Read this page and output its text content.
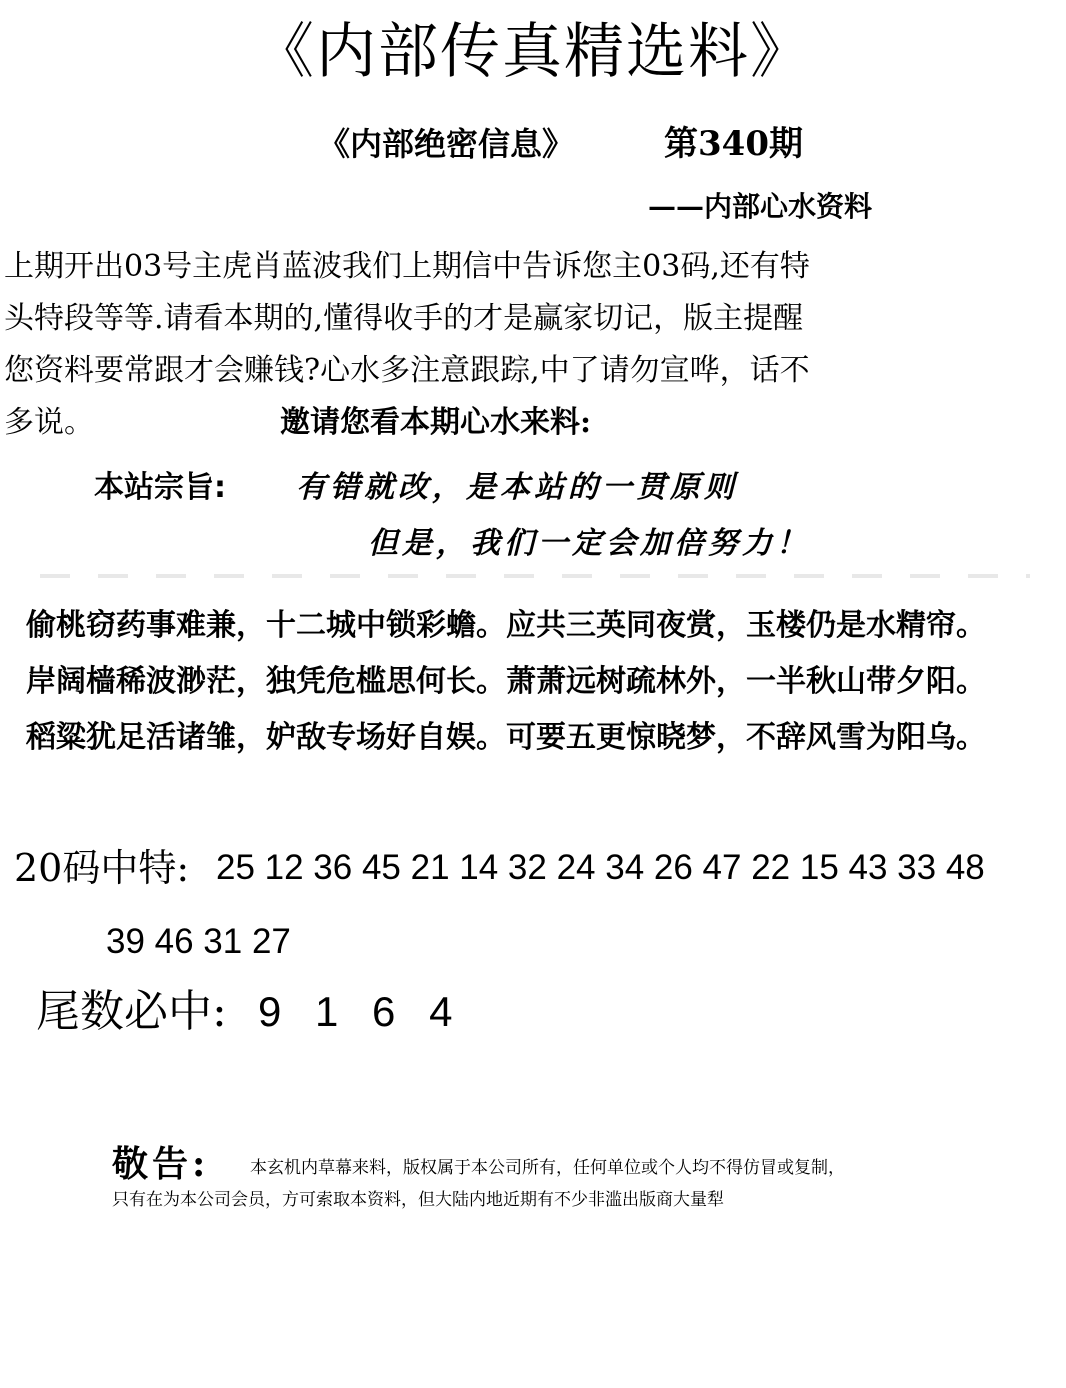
《内部传真精选料》
《内部绝密信息》	第340期
——内部心水资料
上期开出03号主虎肖蓝波我们上期信中告诉您主03码,还有特
头特段等等.请看本期的,懂得收手的才是赢家切记，版主提醒
您资料要常跟才会赚钱?心水多注意跟踪,中了请勿宣哗，话不
多说。	邀请您看本期心水来料:
本站宗旨: 有错就改，是本站的一贯原则
但是，我们一定会加倍努力！
偷桃窃药事难兼，十二城中锁彩蟾。应共三英同夜赏，玉楼仍是水精帘。
岸阔樯稀波渺茫，独凭危槛思何长。萧萧远树疏林外，一半秋山带夕阳。
稻粱犹足活诸雏，妒敌专场好自娱。可要五更惊晓梦，不辞风雪为阳乌。
20码中特: 25 12 36 45 21 14 32 24 34 26 47 22 15 43 33 48
39 46 31 27
尾数必中: 9 1 6 4
敬告: 本玄机内草幕来料，版权属于本公司所有，任何单位或个人均不得仿冒或复制，
只有在为本公司会员，方可索取本资料，但大陆内地近期有不少非滥出版商大量犁
